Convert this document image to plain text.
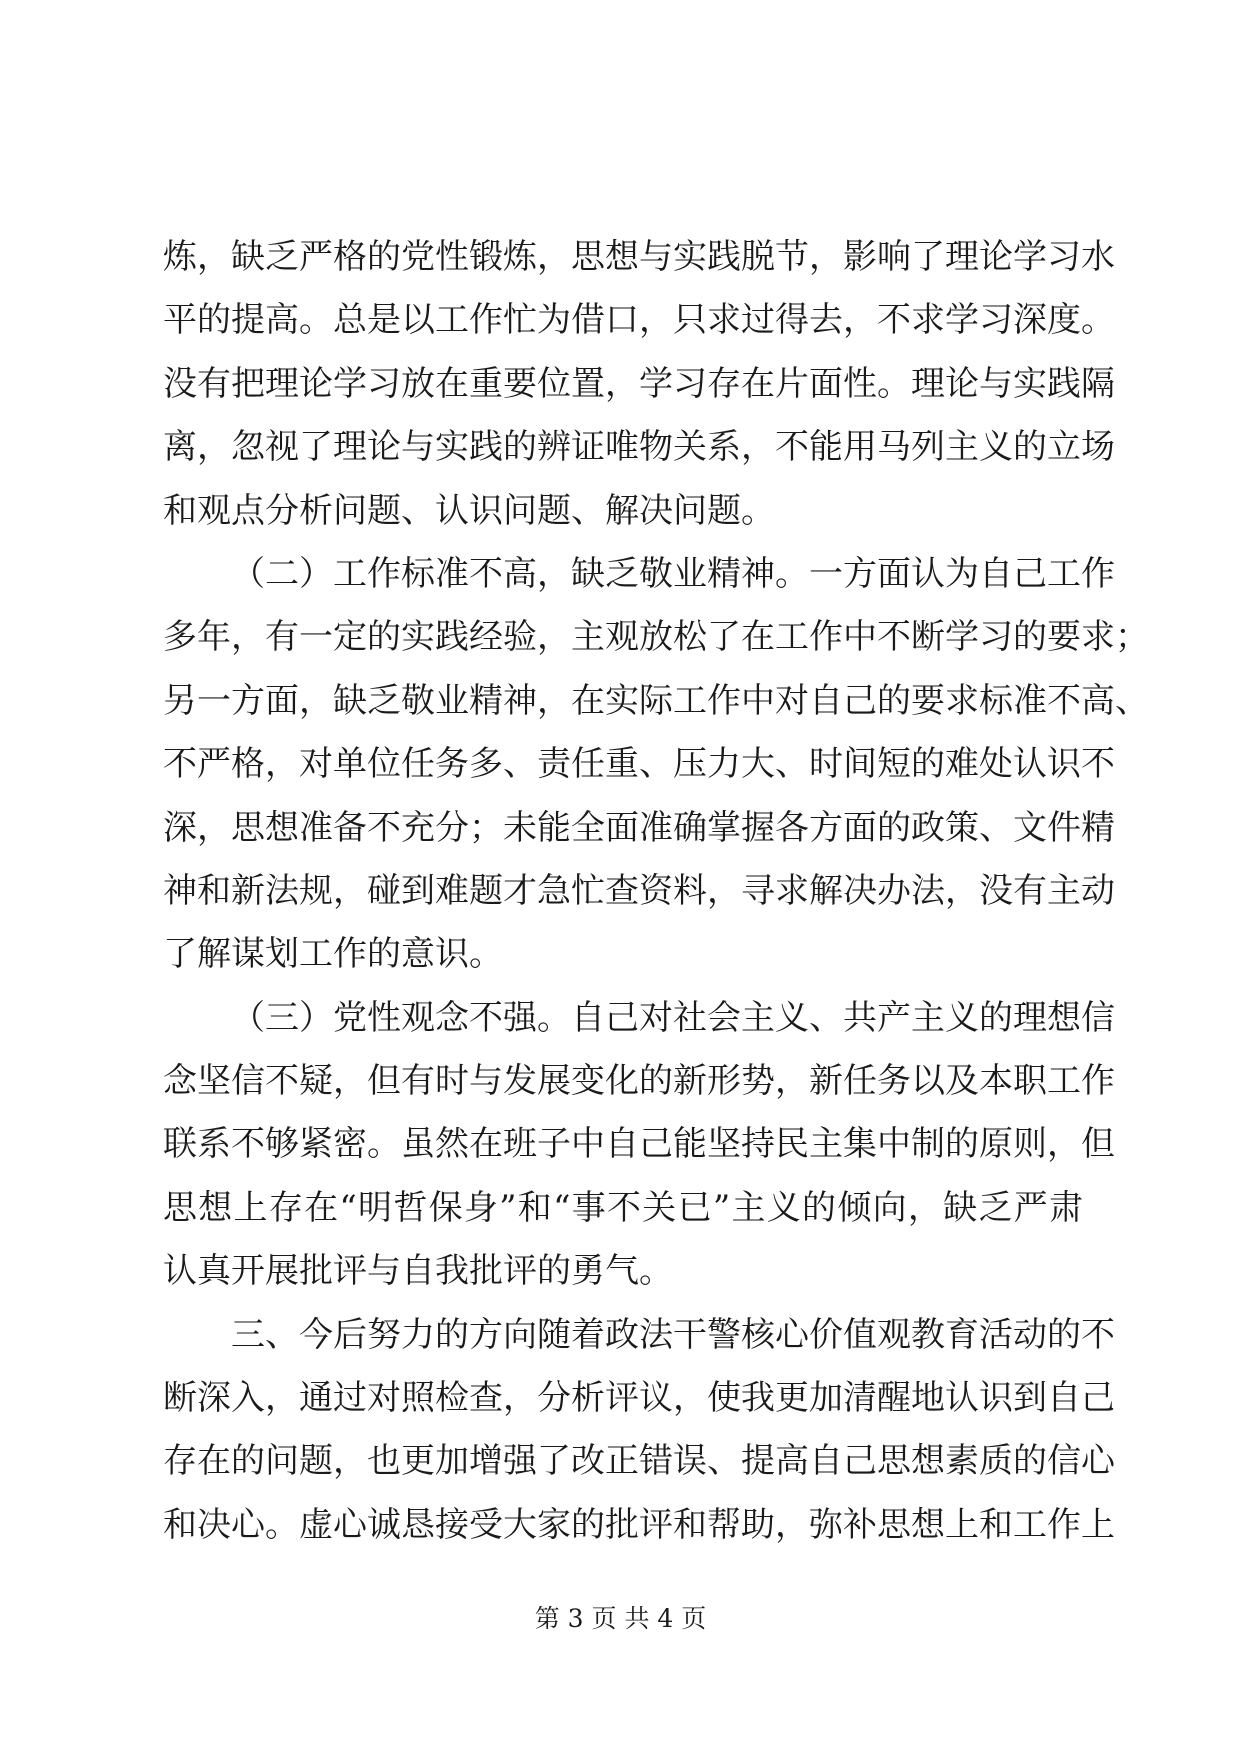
炼，缺乏严格的党性锻炼，思想与实践脱节，影响了理论学习水
平的提高。总是以工作忙为借口，只求过得去，不求学习深度。
没有把理论学习放在重要位置，学习存在片面性。理论与实践隔
离，忽视了理论与实践的辨证唯物关系，不能用马列主义的立场
和观点分析问题、认识问题、解决问题。
（二）工作标准不高，缺乏敬业精神。一方面认为自己工作
多年，有一定的实践经验，主观放松了在工作中不断学习的要求；
另一方面，缺乏敬业精神，在实际工作中对自己的要求标准不高、
不严格，对单位任务多、责任重、压力大、时间短的难处认识不
深，思想准备不充分；未能全面准确掌握各方面的政策、文件精
神和新法规，碰到难题才急忙查资料，寻求解决办法，没有主动
了解谋划工作的意识。
（三）党性观念不强。自己对社会主义、共产主义的理想信
念坚信不疑，但有时与发展变化的新形势，新任务以及本职工作
联系不够紧密。虽然在班子中自己能坚持民主集中制的原则，但
思想上存在“明哲保身”和“事不关已”主义的倾向，缺乏严肃
认真开展批评与自我批评的勇气。
三、今后努力的方向随着政法干警核心价值观教育活动的不
断深入，通过对照检查，分析评议，使我更加清醒地认识到自己
存在的问题，也更加增强了改正错误、提高自己思想素质的信心
和决心。虚心诚恳接受大家的批评和帮助，弥补思想上和工作上
第 3 页 共 4 页
